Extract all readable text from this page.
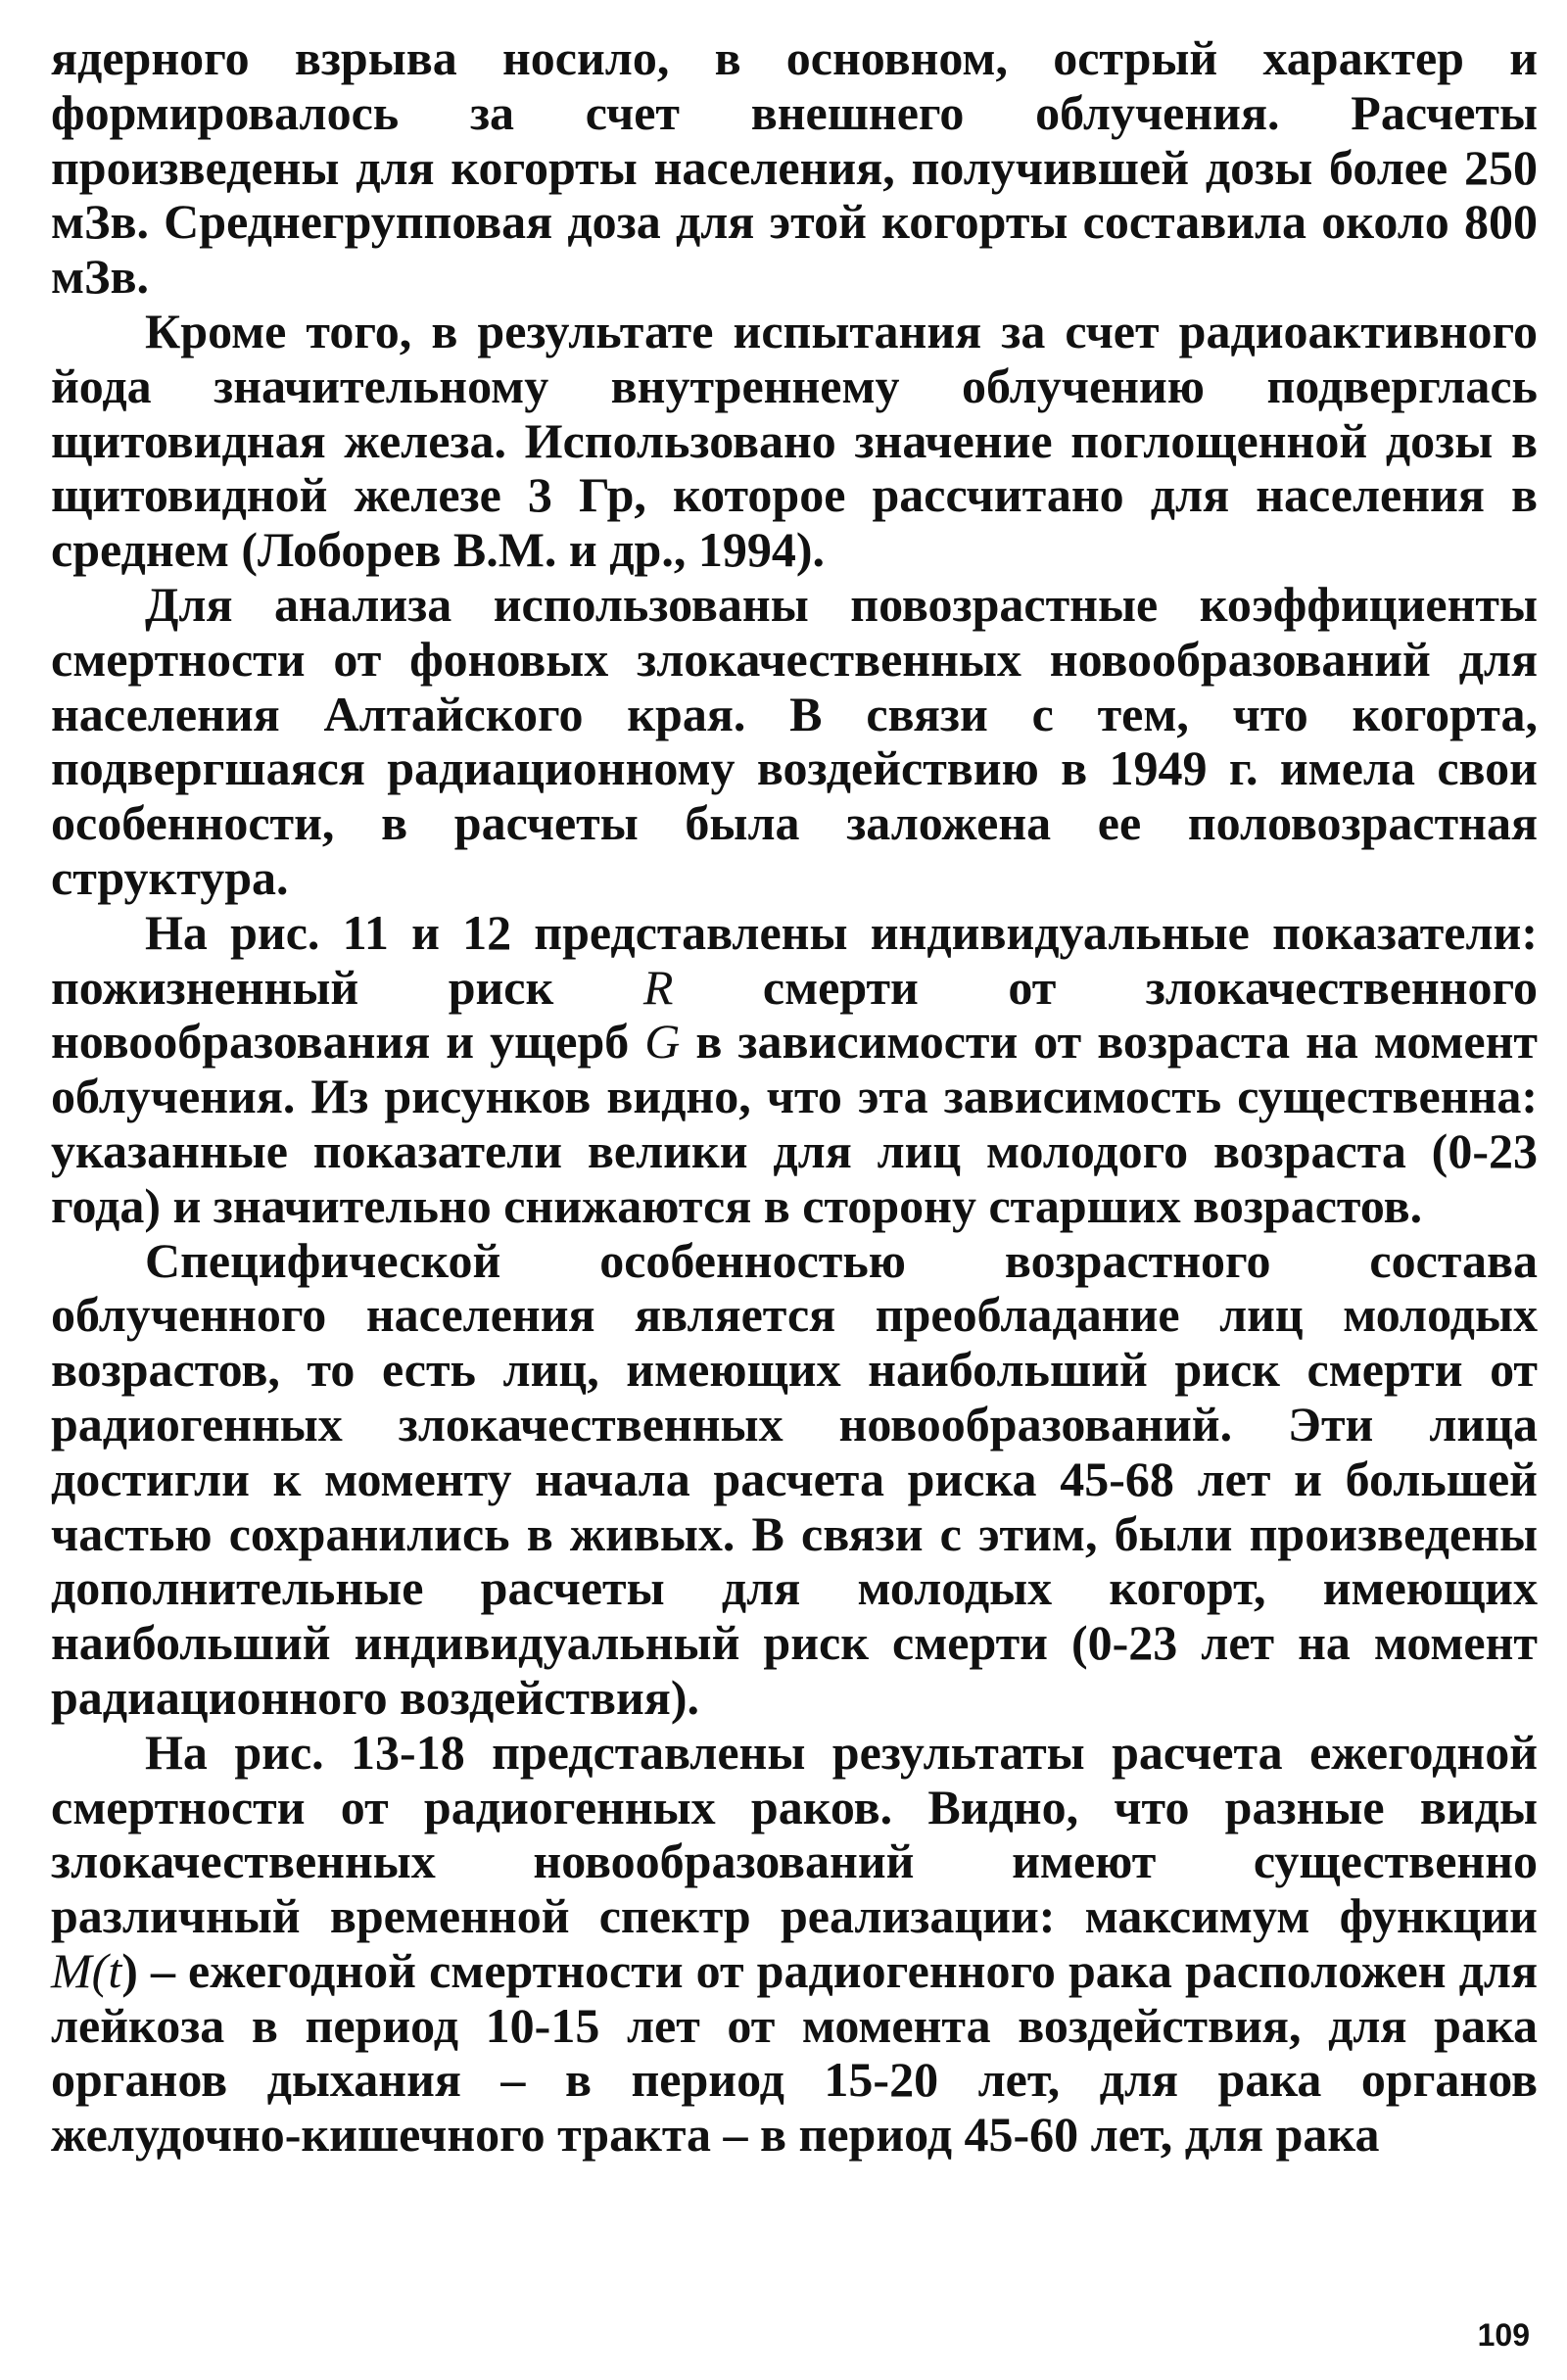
ядерного взрыва носило, в основном, острый характер и формировалось за счет внешнего облучения. Расчеты произведены для когорты населения, получившей дозы более 250 мЗв. Среднегрупповая доза для этой когорты составила около 800 мЗв.

Кроме того, в результате испытания за счет радиоактивного йода значительному внутреннему облучению подверглась щитовидная железа. Использовано значение поглощенной дозы в щитовидной железе 3 Гр, которое рассчитано для населения в среднем (Лоборев В.М. и др., 1994).

Для анализа использованы повозрастные коэффициенты смертности от фоновых злокачественных новообразований для населения Алтайского края. В связи с тем, что когорта, подвергшаяся радиационному воздействию в 1949 г. имела свои особенности, в расчеты была заложена ее половозрастная структура.

На рис. 11 и 12 представлены индивидуальные показатели: пожизненный риск R смерти от злокачественного новообразования и ущерб G в зависимости от возраста на момент облучения. Из рисунков видно, что эта зависимость существенна: указанные показатели велики для лиц молодого возраста (0-23 года) и значительно снижаются в сторону старших возрастов.

Специфической особенностью возрастного состава облученного населения является преобладание лиц молодых возрастов, то есть лиц, имеющих наибольший риск смерти от радиогенных злокачественных новообразований. Эти лица достигли к моменту начала расчета риска 45-68 лет и большей частью сохранились в живых. В связи с этим, были произведены дополнительные расчеты для молодых когорт, имеющих наибольший индивидуальный риск смерти (0-23 лет на момент радиационного воздействия).

На рис. 13-18 представлены результаты расчета ежегодной смертности от радиогенных раков. Видно, что разные виды злокачественных новообразований имеют существенно различный временной спектр реализации: максимум функции M(t) – ежегодной смертности от радиогенного рака расположен для лейкоза в период 10-15 лет от момента воздействия, для рака органов дыхания – в период 15-20 лет, для рака органов желудочно-кишечного тракта – в период 45-60 лет, для рака

109
